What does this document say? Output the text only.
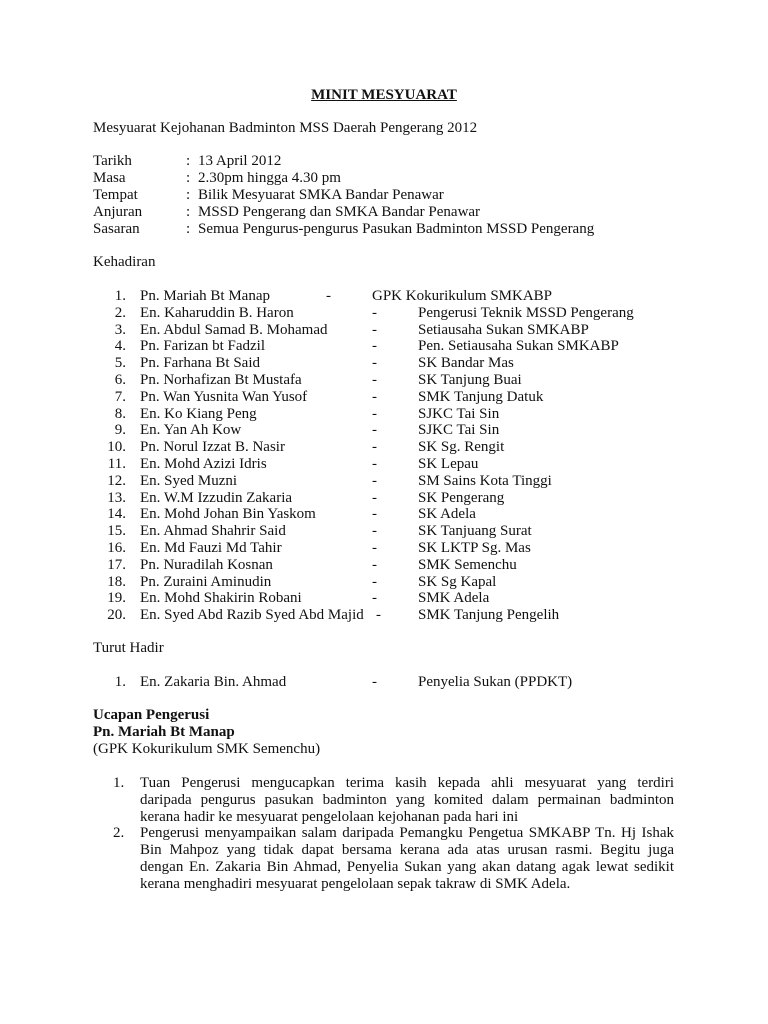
MINIT MESYUARAT
Mesyuarat Kejohanan Badminton MSS Daerah Pengerang 2012
Tarikh	: 13 April 2012
Masa	: 2.30pm hingga 4.30 pm
Tempat	: Bilik Mesyuarat SMKA Bandar Penawar
Anjuran	: MSSD Pengerang dan SMKA Bandar Penawar
Sasaran	: Semua Pengurus-pengurus Pasukan Badminton MSSD Pengerang
Kehadiran
1. Pn. Mariah Bt Manap	-	GPK Kokurikulum SMKABP
2. En. Kaharuddin B. Haron	-	Pengerusi Teknik MSSD Pengerang
3. En. Abdul Samad B. Mohamad	-	Setiausaha Sukan SMKABP
4. Pn. Farizan bt Fadzil	-	Pen. Setiausaha Sukan SMKABP
5. Pn. Farhana Bt Said	-	SK Bandar Mas
6. Pn. Norhafizan Bt Mustafa	-	SK Tanjung Buai
7. Pn. Wan Yusnita Wan Yusof	-	SMK Tanjung Datuk
8. En. Ko Kiang Peng	-	SJKC Tai Sin
9. En. Yan Ah Kow	-	SJKC Tai Sin
10. Pn. Norul Izzat B. Nasir	-	SK Sg. Rengit
11. En. Mohd Azizi Idris	-	SK Lepau
12. En. Syed Muzni	-	SM Sains Kota Tinggi
13. En. W.M Izzudin Zakaria	-	SK Pengerang
14. En. Mohd Johan Bin Yaskom	-	SK Adela
15. En. Ahmad Shahrir Said	-	SK Tanjuang Surat
16. En. Md Fauzi Md Tahir	-	SK LKTP Sg. Mas
17. Pn. Nuradilah Kosnan	-	SMK Semenchu
18. Pn. Zuraini Aminudin	-	SK Sg Kapal
19. En. Mohd Shakirin Robani	-	SMK Adela
20. En. Syed Abd Razib Syed Abd Majid - SMK Tanjung Pengelih
Turut Hadir
1. En. Zakaria Bin. Ahmad	-	Penyelia Sukan (PPDKT)
Ucapan Pengerusi
Pn. Mariah Bt Manap
(GPK Kokurikulum SMK Semenchu)
1. Tuan Pengerusi mengucapkan terima kasih kepada ahli mesyuarat yang terdiri
daripada pengurus pasukan badminton yang komited dalam permainan badminton
kerana hadir ke mesyuarat pengelolaan kejohanan pada hari ini
2. Pengerusi menyampaikan salam daripada Pemangku Pengetua SMKABP Tn. Hj Ishak
Bin Mahpoz yang tidak dapat bersama kerana ada atas urusan rasmi. Begitu juga
dengan En. Zakaria Bin Ahmad, Penyelia Sukan yang akan datang agak lewat sedikit
kerana menghadiri mesyuarat pengelolaan sepak takraw di SMK Adela.
